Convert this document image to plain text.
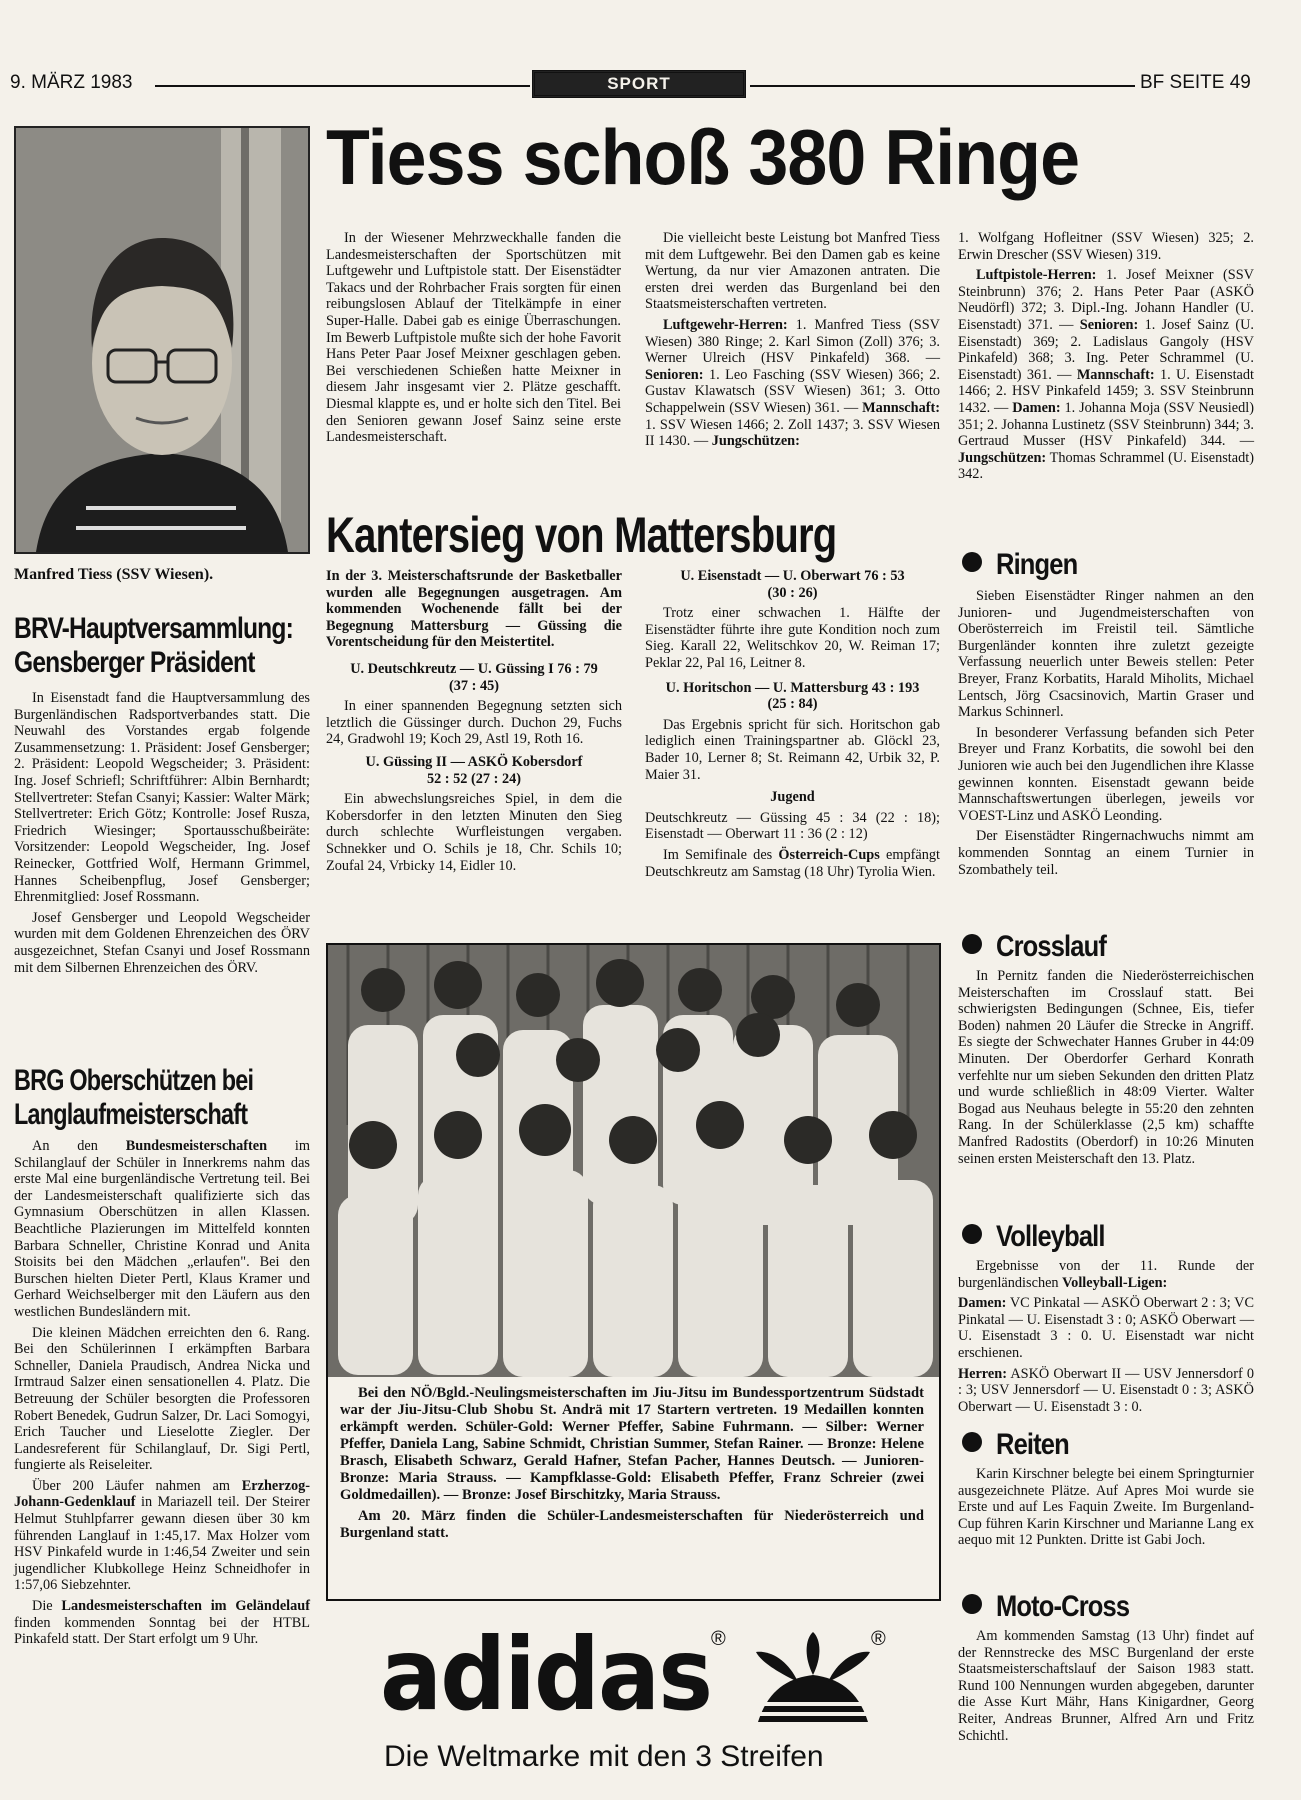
9. MÄRZ 1983	SPORT	BF SEITE 49
Manfred Tiess (SSV Wiesen).
Tiess schoß 380 Ringe

In der Wiesener Mehrzweckhalle fanden die Landesmeisterschaften der Sportschützen mit Luftgewehr und Luftpistole statt. Der Eisenstädter Takacs und der Rohrbacher Frais sorgten für einen reibungslosen Ablauf der Titelkämpfe in einer Super-Halle. Dabei gab es einige Überraschungen. Im Bewerb Luftpistole mußte sich der hohe Favorit Hans Peter Paar Josef Meixner geschlagen geben. Bei verschiedenen Schießen hatte Meixner in diesem Jahr insgesamt vier 2. Plätze geschafft. Diesmal klappte es, und er holte sich den Titel. Bei den Senioren gewann Josef Sainz seine erste Landesmeisterschaft.

Die vielleicht beste Leistung bot Manfred Tiess mit dem Luftgewehr. Bei den Damen gab es keine Wertung, da nur vier Amazonen antraten. Die ersten drei werden das Burgenland bei den Staatsmeisterschaften vertreten.

Luftgewehr-Herren: 1. Manfred Tiess (SSV Wiesen) 380 Ringe; 2. Karl Simon (Zoll) 376; 3. Werner Ulreich (HSV Pinkafeld) 368. — Senioren: 1. Leo Fasching (SSV Wiesen) 366; 2. Gustav Klawatsch (SSV Wiesen) 361; 3. Otto Schappelwein (SSV Wiesen) 361. — Mannschaft: 1. SSV Wiesen 1466; 2. Zoll 1437; 3. SSV Wiesen II 1430. — Jungschützen:

1. Wolfgang Hofleitner (SSV Wiesen) 325; 2. Erwin Drescher (SSV Wiesen) 319.

Luftpistole-Herren: 1. Josef Meixner (SSV Steinbrunn) 376; 2. Hans Peter Paar (ASKÖ Neudörfl) 372; 3. Dipl.-Ing. Johann Handler (U. Eisenstadt) 371. — Senioren: 1. Josef Sainz (U. Eisenstadt) 369; 2. Ladislaus Gangoly (HSV Pinkafeld) 368; 3. Ing. Peter Schrammel (U. Eisenstadt) 361. — Mannschaft: 1. U. Eisenstadt 1466; 2. HSV Pinkafeld 1459; 3. SSV Steinbrunn 1432. — Damen: 1. Johanna Moja (SSV Neusiedl) 351; 2. Johanna Lustinetz (SSV Steinbrunn) 344; 3. Gertraud Musser (HSV Pinkafeld) 344. — Jungschützen: Thomas Schrammel (U. Eisenstadt) 342.

BRV-Hauptversammlung:
Gensberger Präsident

In Eisenstadt fand die Hauptversammlung des Burgenländischen Radsportverbandes statt. Die Neuwahl des Vorstandes ergab folgende Zusammensetzung: 1. Präsident: Josef Gensberger; 2. Präsident: Leopold Wegscheider; 3. Präsident: Ing. Josef Schriefl; Schriftführer: Albin Bernhardt; Stellvertreter: Stefan Csanyi; Kassier: Walter Märk; Stellvertreter: Erich Götz; Kontrolle: Josef Rusza, Friedrich Wiesinger; Sportausschußbeiräte: Vorsitzender: Leopold Wegscheider, Ing. Josef Reinecker, Gottfried Wolf, Hermann Grimmel, Hannes Scheibenpflug, Josef Gensberger; Ehrenmitglied: Josef Rossmann.

Josef Gensberger und Leopold Wegscheider wurden mit dem Goldenen Ehrenzeichen des ÖRV ausgezeichnet, Stefan Csanyi und Josef Rossmann mit dem Silbernen Ehrenzeichen des ÖRV.

BRG Oberschützen bei
Langlaufmeisterschaft

An den Bundesmeisterschaften im Schilanglauf der Schüler in Innerkrems nahm das erste Mal eine burgenländische Vertretung teil. Bei der Landesmeisterschaft qualifizierte sich das Gymnasium Oberschützen in allen Klassen. Beachtliche Plazierungen im Mittelfeld konnten Barbara Schneller, Christine Konrad und Anita Stoisits bei den Mädchen „erlaufen". Bei den Burschen hielten Dieter Pertl, Klaus Kramer und Gerhard Weichselberger mit den Läufern aus den westlichen Bundesländern mit.

Die kleinen Mädchen erreichten den 6. Rang. Bei den Schülerinnen I erkämpften Barbara Schneller, Daniela Praudisch, Andrea Nicka und Irmtraud Salzer einen sensationellen 4. Platz. Die Betreuung der Schüler besorgten die Professoren Robert Benedek, Gudrun Salzer, Dr. Laci Somogyi, Erich Taucher und Lieselotte Ziegler. Der Landesreferent für Schilanglauf, Dr. Sigi Pertl, fungierte als Reiseleiter.

Über 200 Läufer nahmen am Erzherzog-Johann-Gedenklauf in Mariazell teil. Der Steirer Helmut Stuhlpfarrer gewann diesen über 30 km führenden Langlauf in 1:45,17. Max Holzer vom HSV Pinkafeld wurde in 1:46,54 Zweiter und sein jugendlicher Klubkollege Heinz Schneidhofer in 1:57,06 Siebzehnter.

Die Landesmeisterschaften im Geländelauf finden kommenden Sonntag bei der HTBL Pinkafeld statt. Der Start erfolgt um 9 Uhr.

Kantersieg von Mattersburg

In der 3. Meisterschaftsrunde der Basketballer wurden alle Begegnungen ausgetragen. Am kommenden Wochenende fällt bei der Begegnung Mattersburg — Güssing die Vorentscheidung für den Meistertitel.

U. Deutschkreutz — U. Güssing I 76 : 79

(37 : 45)

In einer spannenden Begegnung setzten sich letztlich die Güssinger durch. Duchon 29, Fuchs 24, Gradwohl 19; Koch 29, Astl 19, Roth 16.

U. Güssing II — ASKÖ Kobersdorf

52 : 52 (27 : 24)

Ein abwechslungsreiches Spiel, in dem die Kobersdorfer in den letzten Minuten den Sieg durch schlechte Wurfleistungen vergaben. Schnekker und O. Schils je 18, Chr. Schils 10; Zoufal 24, Vrbicky 14, Eidler 10.

U. Eisenstadt — U. Oberwart 76 : 53

(30 : 26)

Trotz einer schwachen 1. Hälfte der Eisenstädter führte ihre gute Kondition noch zum Sieg. Karall 22, Welitschkov 20, W. Reiman 17; Peklar 22, Pal 16, Leitner 8.

U. Horitschon — U. Mattersburg 43 : 193

(25 : 84)

Das Ergebnis spricht für sich. Horitschon gab lediglich einen Trainingspartner ab. Glöckl 23, Bader 10, Lerner 8; St. Reimann 42, Urbik 32, P. Maier 31.

Jugend

Deutschkreutz — Güssing 45 : 34 (22 : 18); Eisenstadt — Oberwart 11 : 36 (2 : 12)

Im Semifinale des Österreich-Cups empfängt Deutschkreutz am Samstag (18 Uhr) Tyrolia Wien.

Bei den NÖ/Bgld.-Neulingsmeisterschaften im Jiu-Jitsu im Bundessportzentrum Südstadt war der Jiu-Jitsu-Club Shobu St. Andrä mit 17 Startern vertreten. 19 Medaillen konnten erkämpft werden. Schüler-Gold: Werner Pfeffer, Sabine Fuhrmann. — Silber: Werner Pfeffer, Daniela Lang, Sabine Schmidt, Christian Summer, Stefan Rainer. — Bronze: Helene Brasch, Elisabeth Schwarz, Gerald Hafner, Stefan Pacher, Hannes Deutsch. — Junioren-Bronze: Maria Strauss. — Kampfklasse-Gold: Elisabeth Pfeffer, Franz Schreier (zwei Goldmedaillen). — Bronze: Josef Birschitzky, Maria Strauss.

Am 20. März finden die Schüler-Landesmeisterschaften für Niederösterreich und Burgenland statt.

adidas ®	®
Die Weltmarke mit den 3 Streifen
Ringen

Sieben Eisenstädter Ringer nahmen an den Junioren- und Jugendmeisterschaften von Oberösterreich im Freistil teil. Sämtliche Burgenländer konnten ihre zuletzt gezeigte Verfassung neuerlich unter Beweis stellen: Peter Breyer, Franz Korbatits, Harald Miholits, Michael Lentsch, Jörg Csacsinovich, Martin Graser und Markus Schinnerl.

In besonderer Verfassung befanden sich Peter Breyer und Franz Korbatits, die sowohl bei den Junioren wie auch bei den Jugendlichen ihre Klasse gewinnen konnten. Eisenstadt gewann beide Mannschaftswertungen überlegen, jeweils vor VOEST-Linz und ASKÖ Leonding.

Der Eisenstädter Ringernachwuchs nimmt am kommenden Sonntag an einem Turnier in Szombathely teil.

Crosslauf

In Pernitz fanden die Niederösterreichischen Meisterschaften im Crosslauf statt. Bei schwierigsten Bedingungen (Schnee, Eis, tiefer Boden) nahmen 20 Läufer die Strecke in Angriff. Es siegte der Schwechater Hannes Gruber in 44:09 Minuten. Der Oberdorfer Gerhard Konrath verfehlte nur um sieben Sekunden den dritten Platz und wurde schließlich in 48:09 Vierter. Walter Bogad aus Neuhaus belegte in 55:20 den zehnten Rang. In der Schülerklasse (2,5 km) schaffte Manfred Radostits (Oberdorf) in 10:26 Minuten seinen ersten Meisterschaft den 13. Platz.

Volleyball

Ergebnisse von der 11. Runde der burgenländischen Volleyball-Ligen:

Damen: VC Pinkatal — ASKÖ Oberwart 2 : 3; VC Pinkatal — U. Eisenstadt 3 : 0; ASKÖ Oberwart — U. Eisenstadt 3 : 0. U. Eisenstadt war nicht erschienen.

Herren: ASKÖ Oberwart II — USV Jennersdorf 0 : 3; USV Jennersdorf — U. Eisenstadt 0 : 3; ASKÖ Oberwart — U. Eisenstadt 3 : 0.

Reiten

Karin Kirschner belegte bei einem Springturnier ausgezeichnete Plätze. Auf Apres Moi wurde sie Erste und auf Les Faquin Zweite. Im Burgenland-Cup führen Karin Kirschner und Marianne Lang ex aequo mit 12 Punkten. Dritte ist Gabi Joch.

Moto-Cross

Am kommenden Samstag (13 Uhr) findet auf der Rennstrecke des MSC Burgenland der erste Staatsmeisterschaftslauf der Saison 1983 statt. Rund 100 Nennungen wurden abgegeben, darunter die Asse Kurt Mähr, Hans Kinigardner, Georg Reiter, Andreas Brunner, Alfred Arn und Fritz Schichtl.
